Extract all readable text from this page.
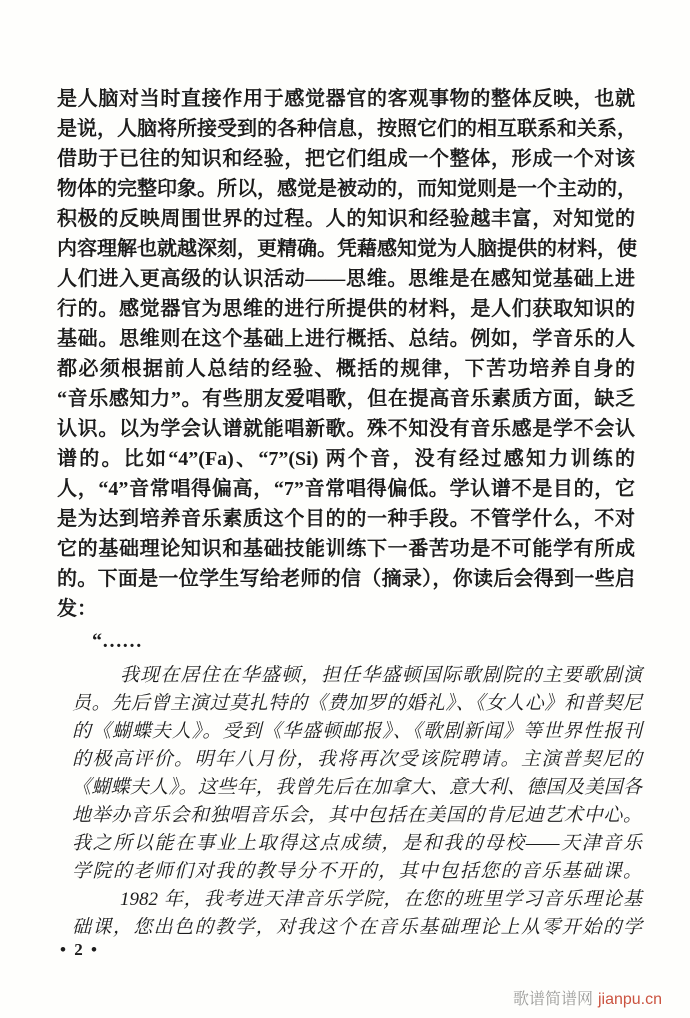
是人脑对当时直接作用于感觉器官的客观事物的整体反映，也就
是说，人脑将所接受到的各种信息，按照它们的相互联系和关系，
借助于已往的知识和经验，把它们组成一个整体，形成一个对该
物体的完整印象。所以，感觉是被动的，而知觉则是一个主动的，
积极的反映周围世界的过程。人的知识和经验越丰富，对知觉的
内容理解也就越深刻，更精确。凭藉感知觉为人脑提供的材料，使
人们进入更高级的认识活动——思维。思维是在感知觉基础上进
行的。感觉器官为思维的进行所提供的材料，是人们获取知识的
基础。思维则在这个基础上进行概括、总结。例如，学音乐的人
都必须根据前人总结的经验、概括的规律，下苦功培养自身的
“音乐感知力”。有些朋友爱唱歌，但在提高音乐素质方面，缺乏
认识。以为学会认谱就能唱新歌。殊不知没有音乐感是学不会认
谱的。比如“4”(Fa)、“7”(Si) 两个音，没有经过感知力训练的
人，“4”音常唱得偏高，“7”音常唱得偏低。学认谱不是目的，它
是为达到培养音乐素质这个目的的一种手段。不管学什么，不对
它的基础理论知识和基础技能训练下一番苦功是不可能学有所成
的。下面是一位学生写给老师的信（摘录），你读后会得到一些启
发：
“……
我现在居住在华盛顿，担任华盛顿国际歌剧院的主要歌剧演
员。先后曾主演过莫扎特的《费加罗的婚礼》、《女人心》和普契尼
的《蝴蝶夫人》。受到《华盛顿邮报》、《歌剧新闻》等世界性报刊
的极高评价。明年八月份，我将再次受该院聘请。主演普契尼的
《蝴蝶夫人》。这些年，我曾先后在加拿大、意大利、德国及美国各
地举办音乐会和独唱音乐会，其中包括在美国的肯尼迪艺术中心。
我之所以能在事业上取得这点成绩，是和我的母校——天津音乐
学院的老师们对我的教导分不开的，其中包括您的音乐基础课。
1982 年，我考进天津音乐学院，在您的班里学习音乐理论基
础课，您出色的教学，对我这个在音乐基础理论上从零开始的学
• 2 •
歌谱简谱网 jianpu.cn
